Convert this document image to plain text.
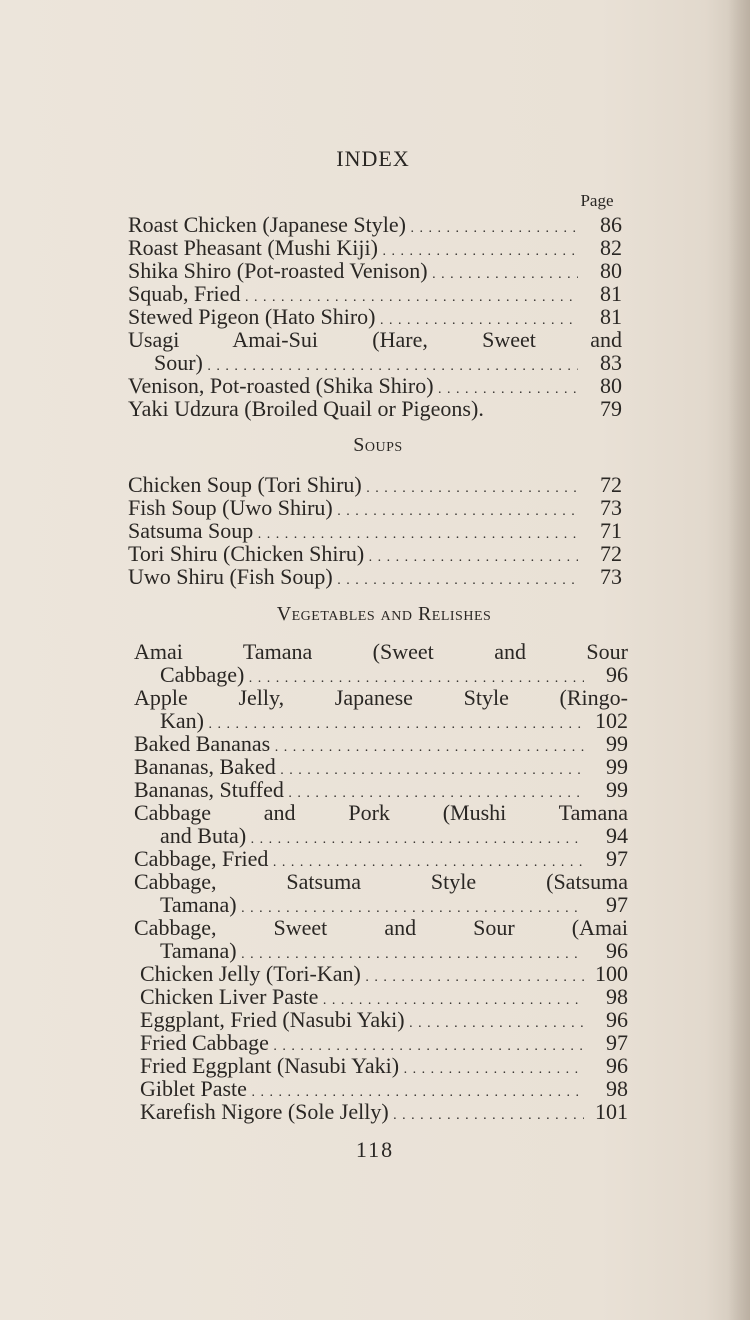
INDEX
Page
Roast Chicken (Japanese Style) . . .	86
Roast Pheasant (Mushi Kiji) . . .	82
Shika Shiro (Pot-roasted Venison) . . .	80
Squab, Fried . . .	81
Stewed Pigeon (Hato Shiro) . . .	81
Usagi Amai-Sui (Hare, Sweet and
Sour) . . .	83
Venison, Pot-roasted (Shika Shiro) . . .	80
Yaki Udzura (Broiled Quail or Pigeons).	79
Soups
Chicken Soup (Tori Shiru) . . .	72
Fish Soup (Uwo Shiru) . . .	73
Satsuma Soup . . .	71
Tori Shiru (Chicken Shiru) . . .	72
Uwo Shiru (Fish Soup) . . .	73
Vegetables and Relishes
Amai Tamana (Sweet and Sour
Cabbage) . . .	96
Apple Jelly, Japanese Style (Ringo-
Kan) . . .	102
Baked Bananas . . .	99
Bananas, Baked . . .	99
Bananas, Stuffed . . .	99
Cabbage and Pork (Mushi Tamana
and Buta) . . .	94
Cabbage, Fried . . .	97
Cabbage, Satsuma Style (Satsuma
Tamana) . . .	97
Cabbage, Sweet and Sour (Amai
Tamana) . . .	96
Chicken Jelly (Tori-Kan) . . .	100
Chicken Liver Paste . . .	98
Eggplant, Fried (Nasubi Yaki) . . .	96
Fried Cabbage . . .	97
Fried Eggplant (Nasubi Yaki) . . .	96
Giblet Paste . . .	98
Karefish Nigore (Sole Jelly) . . .	101
118
